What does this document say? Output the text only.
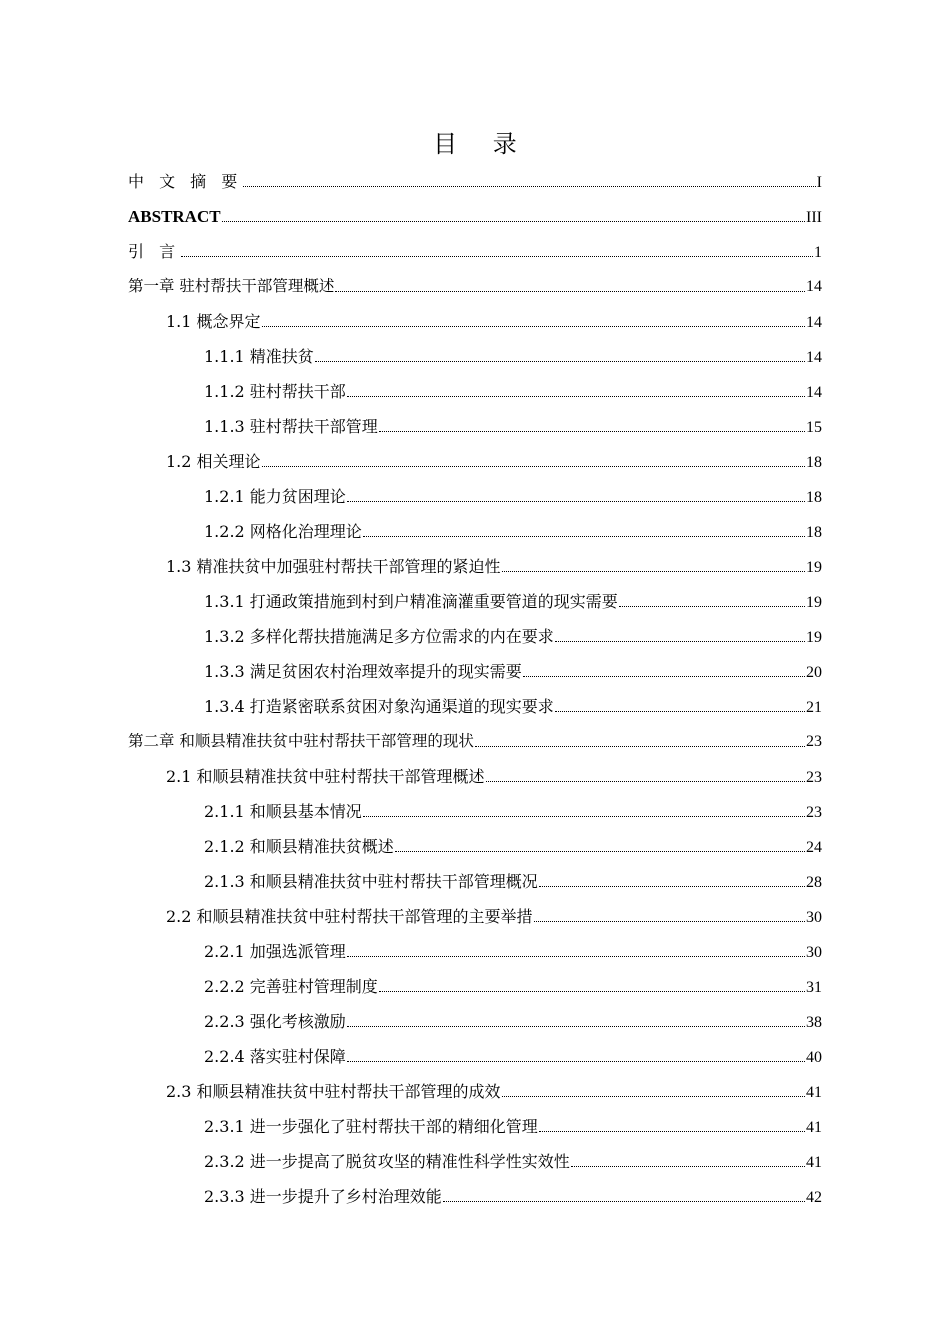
目 录
中 文 摘 要	I
ABSTRACT	III
引 言	1
第一章 驻村帮扶干部管理概述	14
1.1 概念界定	14
1.1.1 精准扶贫	14
1.1.2 驻村帮扶干部	14
1.1.3 驻村帮扶干部管理	15
1.2 相关理论	18
1.2.1 能力贫困理论	18
1.2.2 网格化治理理论	18
1.3 精准扶贫中加强驻村帮扶干部管理的紧迫性	19
1.3.1 打通政策措施到村到户精准滴灌重要管道的现实需要	19
1.3.2 多样化帮扶措施满足多方位需求的内在要求	19
1.3.3 满足贫困农村治理效率提升的现实需要	20
1.3.4 打造紧密联系贫困对象沟通渠道的现实要求	21
第二章 和顺县精准扶贫中驻村帮扶干部管理的现状	23
2.1 和顺县精准扶贫中驻村帮扶干部管理概述	23
2.1.1 和顺县基本情况	23
2.1.2 和顺县精准扶贫概述	24
2.1.3 和顺县精准扶贫中驻村帮扶干部管理概况	28
2.2 和顺县精准扶贫中驻村帮扶干部管理的主要举措	30
2.2.1 加强选派管理	30
2.2.2 完善驻村管理制度	31
2.2.3 强化考核激励	38
2.2.4 落实驻村保障	40
2.3 和顺县精准扶贫中驻村帮扶干部管理的成效	41
2.3.1 进一步强化了驻村帮扶干部的精细化管理	41
2.3.2 进一步提高了脱贫攻坚的精准性科学性实效性	41
2.3.3 进一步提升了乡村治理效能	42
